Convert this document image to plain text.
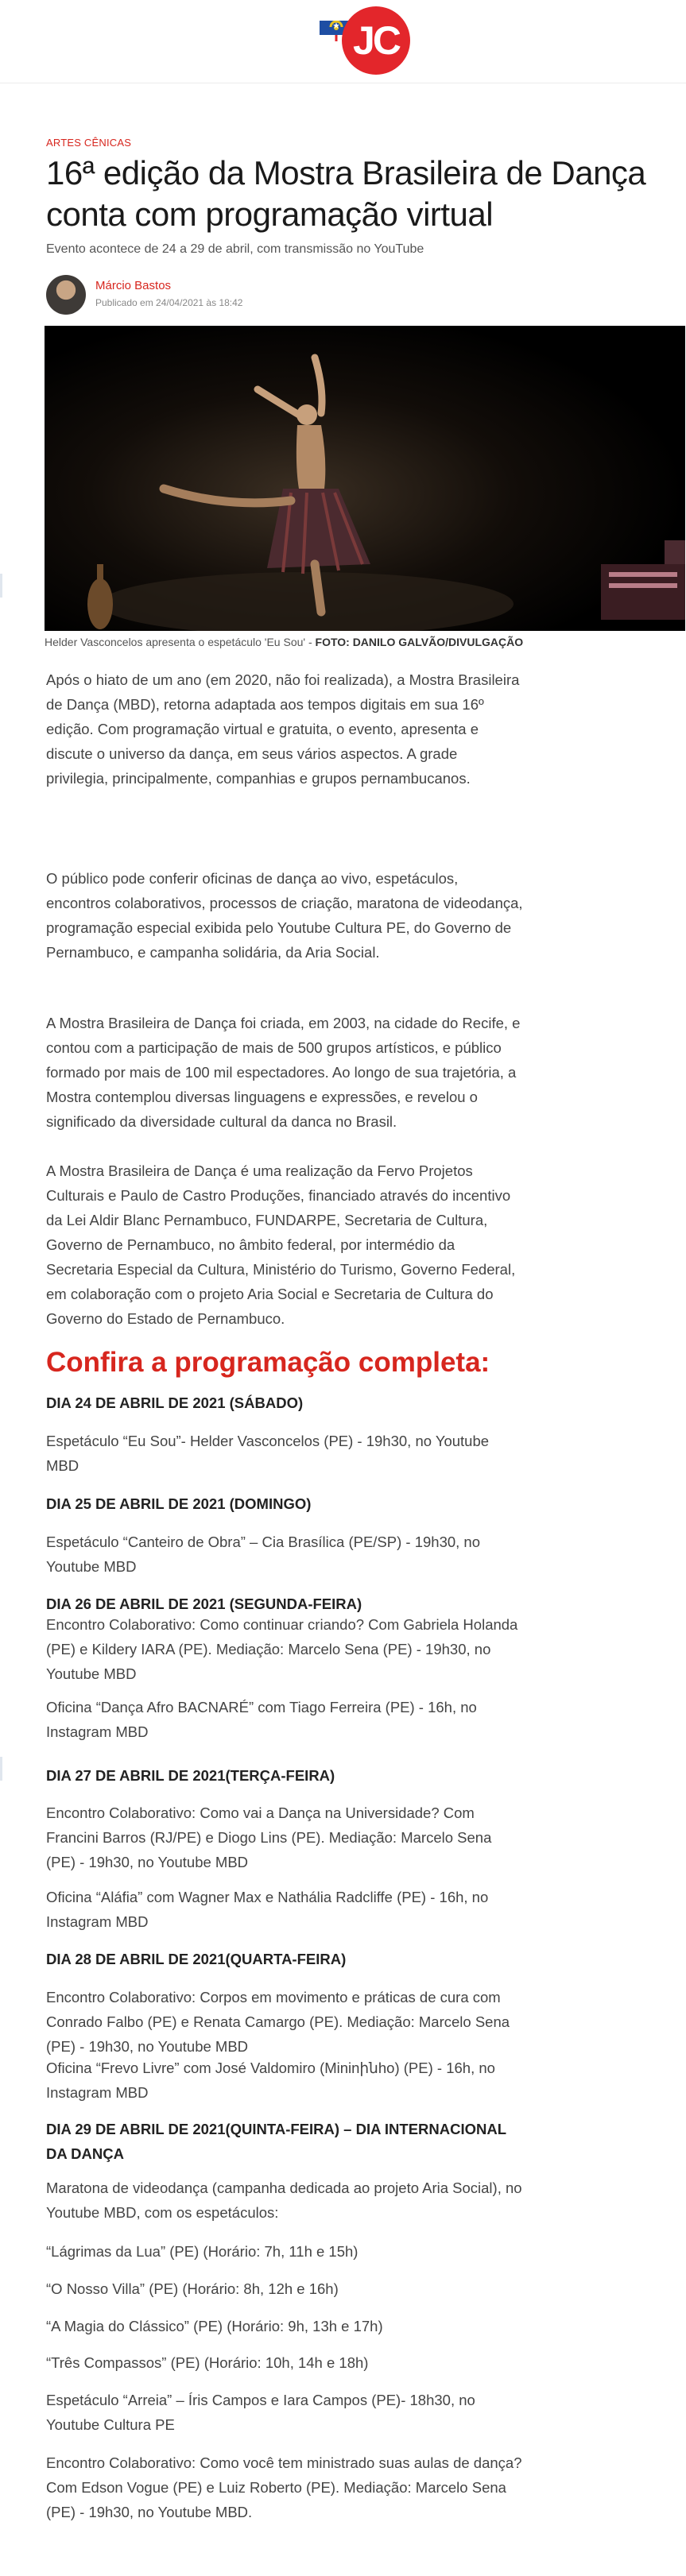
JC
ARTES CÊNICAS
16ª edição da Mostra Brasileira de Dança conta com programação virtual
Evento acontece de 24 a 29 de abril, com transmissão no YouTube
Márcio Bastos
Publicado em 24/04/2021 às 18:42
Helder Vasconcelos apresenta o espetáculo 'Eu Sou' - FOTO: DANILO GALVÃO/DIVULGAÇÃO

Após o hiato de um ano (em 2020, não foi realizada), a Mostra Brasileira de Dança (MBD), retorna adaptada aos tempos digitais em sua 16º edição. Com programação virtual e gratuita, o evento, apresenta e discute o universo da dança, em seus vários aspectos. A grade privilegia, principalmente, companhias e grupos pernambucanos.

O público pode conferir oficinas de dança ao vivo, espetáculos, encontros colaborativos, processos de criação, maratona de videodança, programação especial exibida pelo Youtube Cultura PE, do Governo de Pernambuco, e campanha solidária, da Aria Social.

A Mostra Brasileira de Dança foi criada, em 2003, na cidade do Recife, e contou com a participação de mais de 500 grupos artísticos, e público formado por mais de 100 mil espectadores. Ao longo de sua trajetória, a Mostra contemplou diversas linguagens e expressões, e revelou o significado da diversidade cultural da danca no Brasil.

A Mostra Brasileira de Dança é uma realização da Fervo Projetos Culturais e Paulo de Castro Produções, financiado através do incentivo da Lei Aldir Blanc Pernambuco, FUNDARPE, Secretaria de Cultura, Governo de Pernambuco, no âmbito federal, por intermédio da Secretaria Especial da Cultura, Ministério do Turismo, Governo Federal, em colaboração com o projeto Aria Social e Secretaria de Cultura do Governo do Estado de Pernambuco.

Confira a programação completa:
DIA 24 DE ABRIL DE 2021 (SÁBADO)

Espetáculo “Eu Sou”- Helder Vasconcelos (PE) - 19h30, no Youtube MBD

DIA 25 DE ABRIL DE 2021 (DOMINGO)

Espetáculo “Canteiro de Obra” – Cia Brasílica (PE/SP) - 19h30, no Youtube MBD

DIA 26 DE ABRIL DE 2021 (SEGUNDA-FEIRA)

Encontro Colaborativo: Como continuar criando? Com Gabriela Holanda (PE) e Kildery IARA (PE). Mediação: Marcelo Sena (PE) - 19h30, no Youtube MBD

Oficina “Dança Afro BACNARÉ” com Tiago Ferreira (PE) - 16h, no Instagram MBD

DIA 27 DE ABRIL DE 2021(TERÇA-FEIRA)

Encontro Colaborativo: Como vai a Dança na Universidade? Com Francini Barros (RJ/PE) e Diogo Lins (PE). Mediação: Marcelo Sena (PE) - 19h30, no Youtube MBD

Oficina “Aláfia” com Wagner Max e Nathália Radcliffe (PE) - 16h, no Instagram MBD

DIA 28 DE ABRIL DE 2021(QUARTA-FEIRA)

Encontro Colaborativo: Corpos em movimento e práticas de cura com Conrado Falbo (PE) e Renata Camargo (PE). Mediação: Marcelo Sena (PE) - 19h30, no Youtube MBD

Oficina “Frevo Livre” com José Valdomiro (Mininինho) (PE) - 16h, no Instagram MBD

DIA 29 DE ABRIL DE 2021(QUINTA-FEIRA) – DIA INTERNACIONAL DA DANÇA

Maratona de videodança (campanha dedicada ao projeto Aria Social), no Youtube MBD, com os espetáculos:

“Lágrimas da Lua” (PE) (Horário: 7h, 11h e 15h)

“O Nosso Villa” (PE) (Horário: 8h, 12h e 16h)

“A Magia do Clássico” (PE) (Horário: 9h, 13h e 17h)

“Três Compassos” (PE) (Horário: 10h, 14h e 18h)

Espetáculo “Arreia” – Íris Campos e Iara Campos (PE)- 18h30, no Youtube Cultura PE

Encontro Colaborativo: Como você tem ministrado suas aulas de dança? Com Edson Vogue (PE) e Luiz Roberto (PE). Mediação: Marcelo Sena (PE) - 19h30, no Youtube MBD.
